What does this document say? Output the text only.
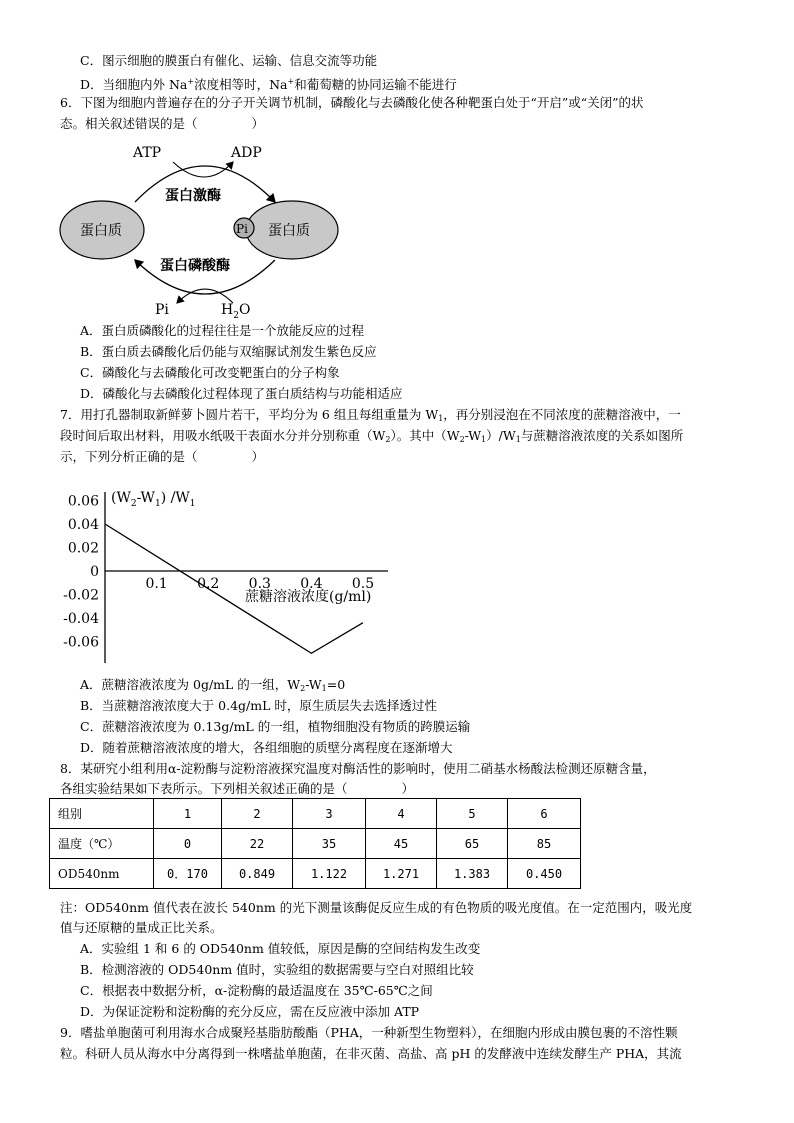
C．图示细胞的膜蛋白有催化、运输、信息交流等功能
D．当细胞内外 Na+浓度相等时，Na+和葡萄糖的协同运输不能进行
6．下图为细胞内普遍存在的分子开关调节机制，磷酸化与去磷酸化使各种靶蛋白处于“开启”或“关闭”的状
态。相关叙述错误的是（	）
ATP	ADP
蛋白激酶
蛋白质	蛋白质
Pi
蛋白磷酸酶
Pi	$H_2O$
A．蛋白质磷酸化的过程往往是一个放能反应的过程
B．蛋白质去磷酸化后仍能与双缩脲试剂发生紫色反应
C．磷酸化与去磷酸化可改变靶蛋白的分子构象
D．磷酸化与去磷酸化过程体现了蛋白质结构与功能相适应
7．用打孔器制取新鲜萝卜圆片若干，平均分为 6 组且每组重量为 $W_1$，再分别浸泡在不同浓度的蔗糖溶液中，一
段时间后取出材料，用吸水纸吸干表面水分并分别称重$(W_2)$。其中$(W_2-W_1)/W_1$与蔗糖溶液浓度的关系如图所
示，下列分析正确的是（	）
0.06
0.04
0.02
0
-0.02
-0.04
-0.06
0.1 0.2 0.3 0.4 0.5
$(W_2-W_1)$ $/W_1$
蔗糖溶液浓度(g/ml)
A．蔗糖溶液浓度为 0g/mL 的一组，$W_2-W_1=0$
B．当蔗糖溶液浓度大于 0.4g/mL 时，原生质层失去选择透过性
C．蔗糖溶液浓度为 0.13g/mL 的一组，植物细胞没有物质的跨膜运输
D．随着蔗糖溶液浓度的增大，各组细胞的质壁分离程度在逐渐增大
8．某研究小组利用α-淀粉酶与淀粉溶液探究温度对酶活性的影响时，使用二硝基水杨酸法检测还原糖含量，
各组实验结果如下表所示。下列相关叙述正确的是（	）
组别	1	2	3	4	5	6
温度（℃）	0	22	35	45	65	85
OD540nm	0．170	0.849	1.122	1.271	1.383	0.450
注：OD540nm 值代表在波长 540nm 的光下测量该酶促反应生成的有色物质的吸光度值。在一定范围内，吸光度
值与还原糖的量成正比关系。
A．实验组 1 和 6 的 OD540nm 值较低，原因是酶的空间结构发生改变
B．检测溶液的 OD540nm 值时，实验组的数据需要与空白对照组比较
C．根据表中数据分析，α-淀粉酶的最适温度在 35℃-65℃之间
D．为保证淀粉和淀粉酶的充分反应，需在反应液中添加 ATP
9．嗜盐单胞菌可利用海水合成聚羟基脂肪酸酯（PHA，一种新型生物塑料），在细胞内形成由膜包裹的不溶性颗
粒。科研人员从海水中分离得到一株嗜盐单胞菌，在非灭菌、高盐、高 pH 的发酵液中连续发酵生产 PHA，其流
